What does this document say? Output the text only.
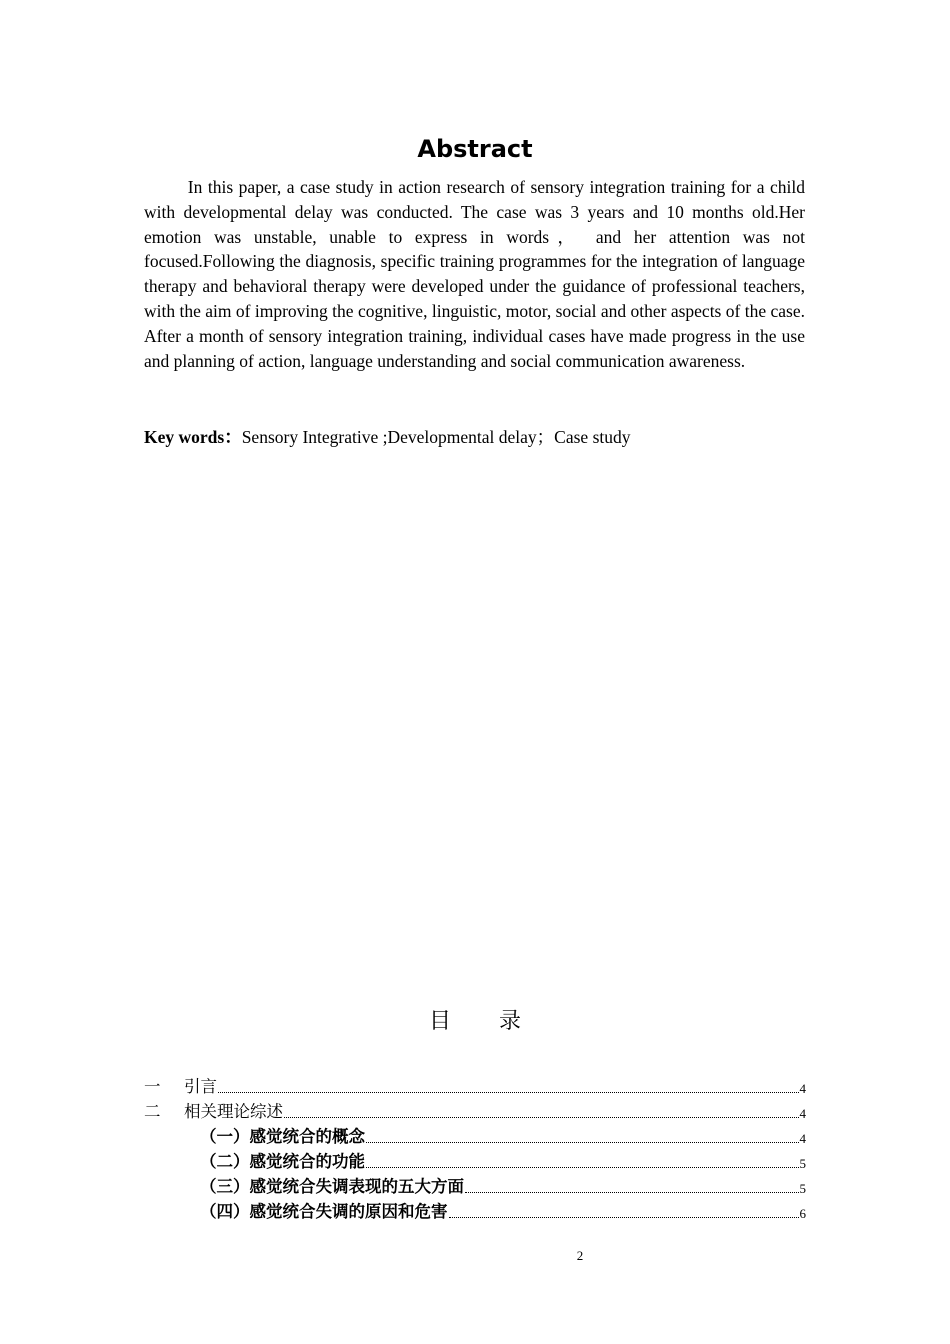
Abstract

In this paper, a case study in action research of sensory integration training for a child with developmental delay was conducted. The case was 3 years and 10 months old.Her emotion was unstable, unable to express in words， and her attention was not focused.Following the diagnosis, specific training programmes for the integration of language therapy and behavioral therapy were developed under the guidance of professional teachers, with the aim of improving the cognitive, linguistic, motor, social and other aspects of the case. After a month of sensory integration training, individual cases have made progress in the use and planning of action, language understanding and social communication awareness.

Key words：Sensory Integrative ;Developmental delay；Case study

目 录
一	引言	4
二	相关理论综述	4
（一）感觉统合的概念	4
（二）感觉统合的功能	5
（三）感觉统合失调表现的五大方面	5
（四）感觉统合失调的原因和危害	6
2
